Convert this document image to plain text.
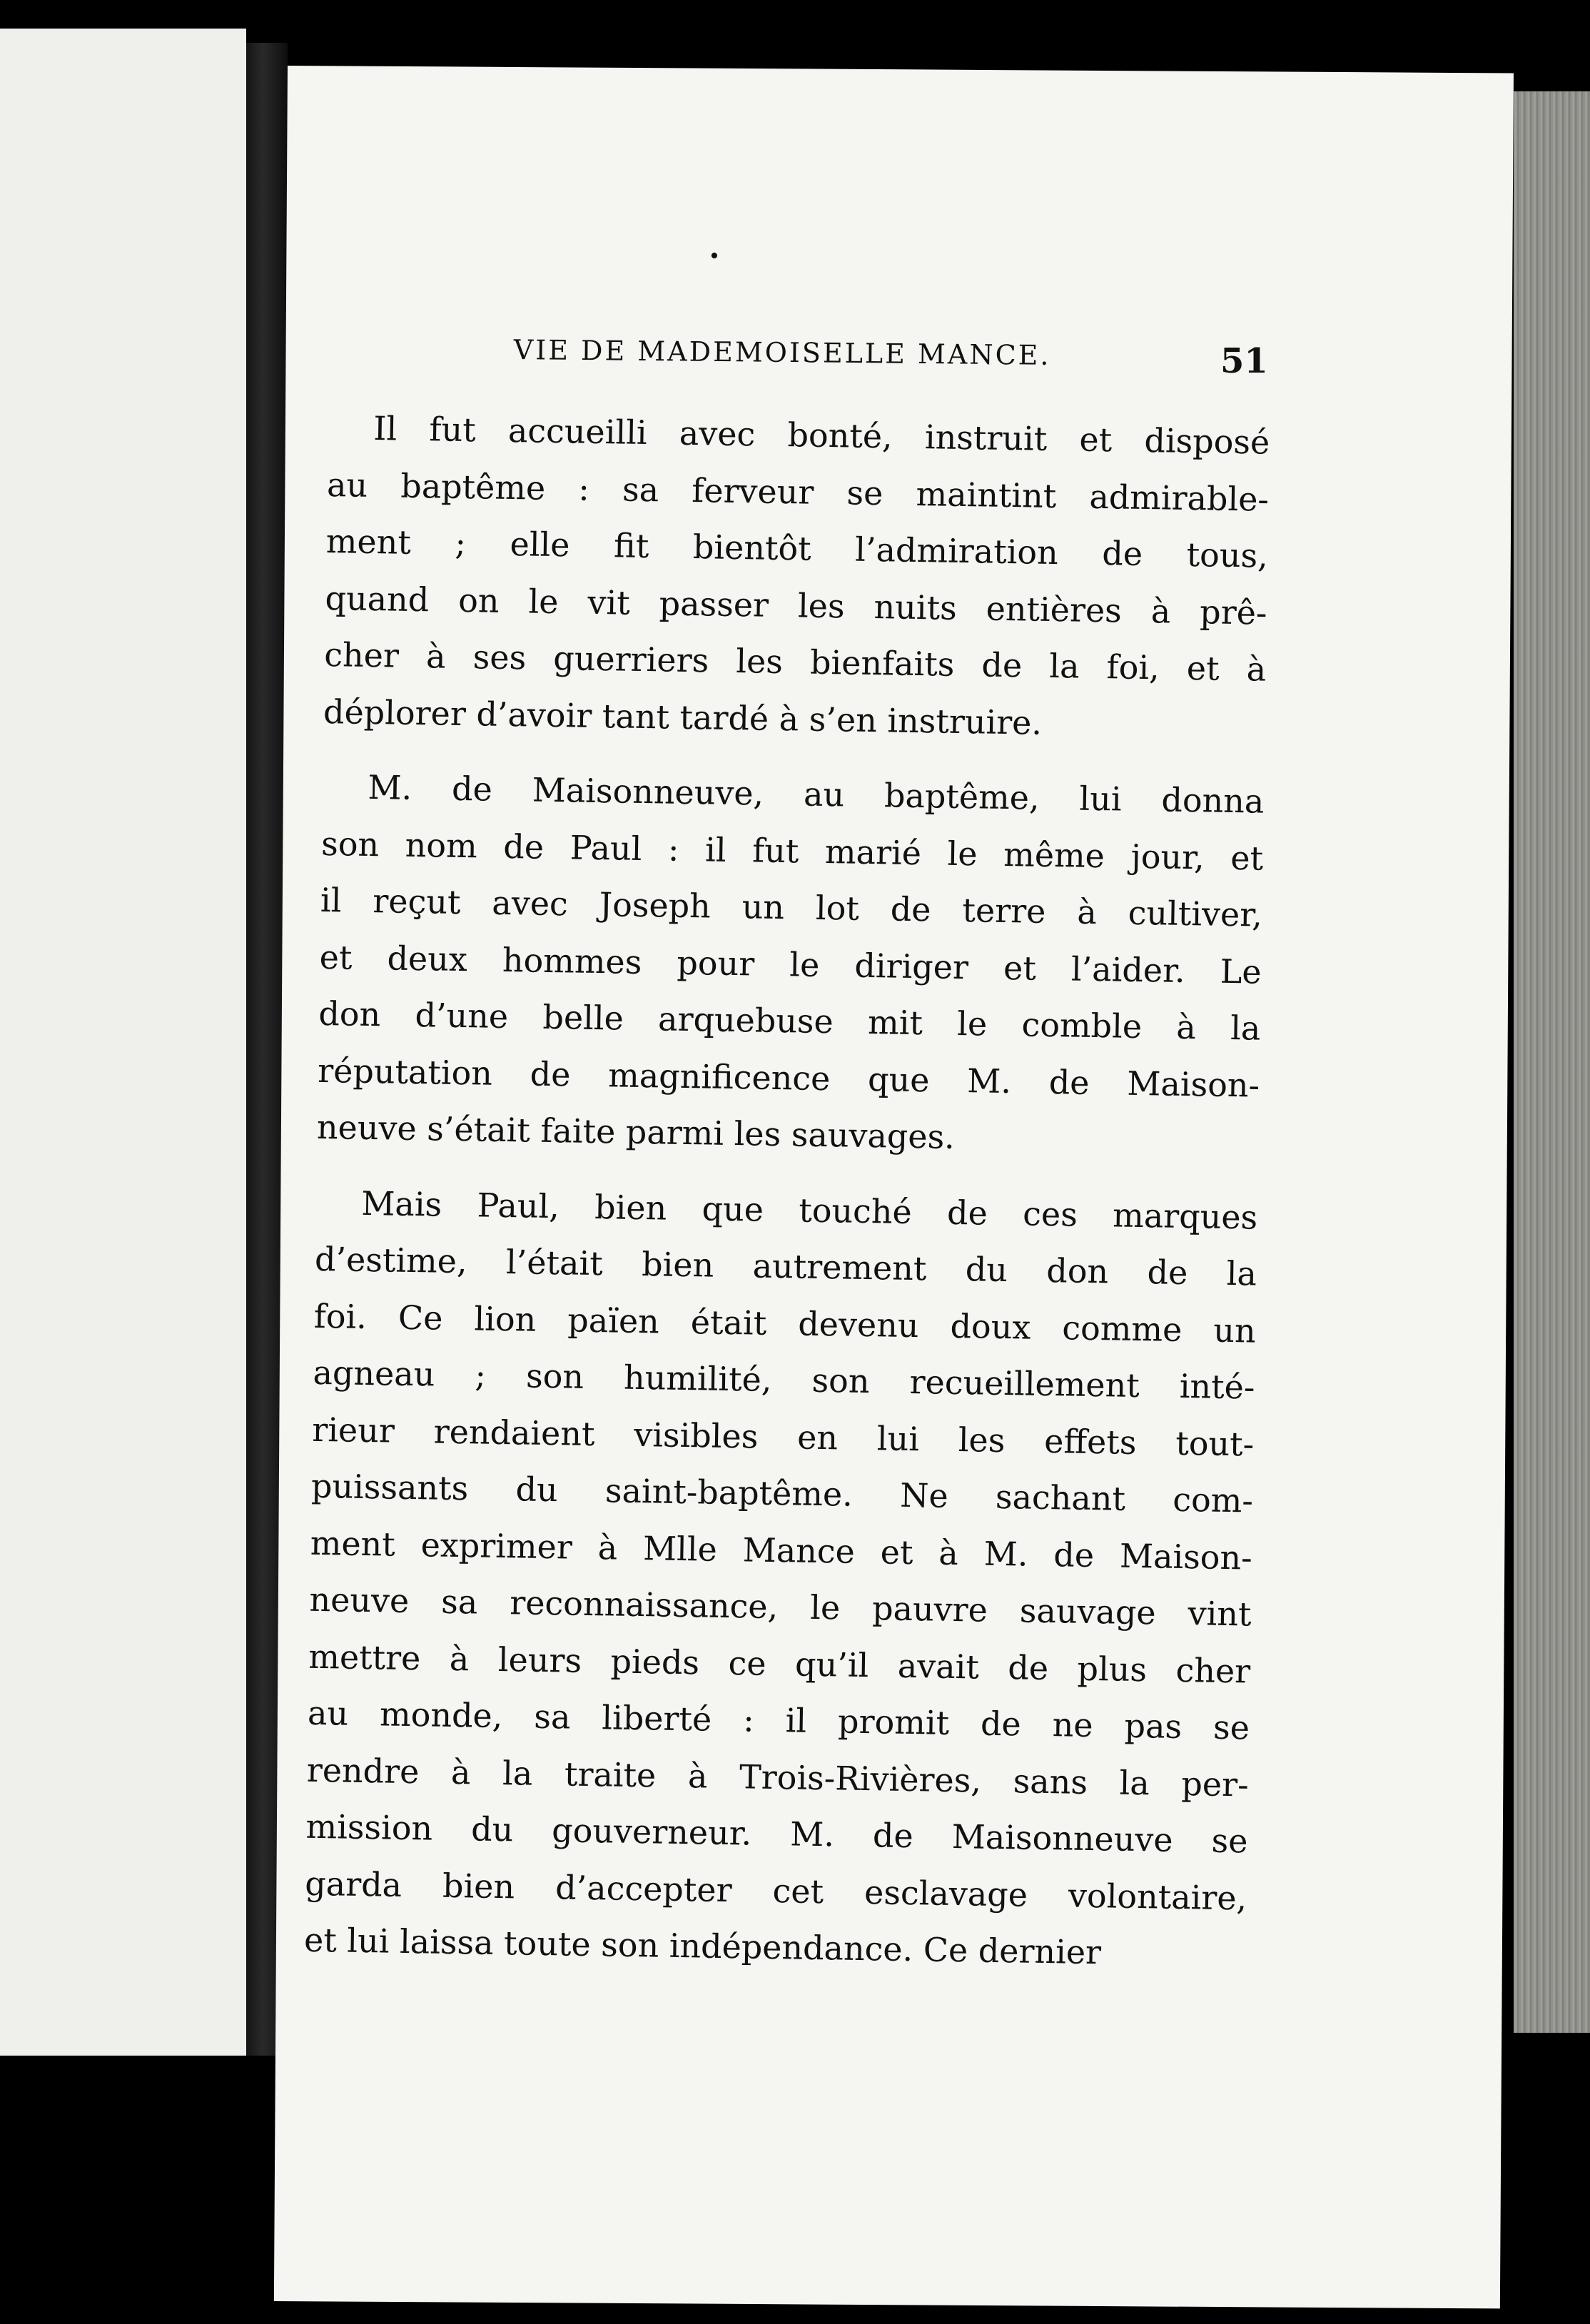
•
VIE DE MADEMOISELLE MANCE.	51

Il fut accueilli avec bonté, instruit et disposé
au baptême : sa ferveur se maintint admirable-
ment ; elle fit bientôt l’admiration de tous,
quand on le vit passer les nuits entières à prê-
cher à ses guerriers les bienfaits de la foi, et à
déplorer d’avoir tant tardé à s’en instruire.

M. de Maisonneuve, au baptême, lui donna
son nom de Paul : il fut marié le même jour, et
il reçut avec Joseph un lot de terre à cultiver,
et deux hommes pour le diriger et l’aider. Le
don d’une belle arquebuse mit le comble à la
réputation de magnificence que M. de Maison-
neuve s’était faite parmi les sauvages.

Mais Paul, bien que touché de ces marques
d’estime, l’était bien autrement du don de la
foi. Ce lion païen était devenu doux comme un
agneau ; son humilité, son recueillement inté-
rieur rendaient visibles en lui les effets tout-
puissants du saint-baptême. Ne sachant com-
ment exprimer à Mlle Mance et à M. de Maison-
neuve sa reconnaissance, le pauvre sauvage vint
mettre à leurs pieds ce qu’il avait de plus cher
au monde, sa liberté : il promit de ne pas se
rendre à la traite à Trois-Rivières, sans la per-
mission du gouverneur. M. de Maisonneuve se
garda bien d’accepter cet esclavage volontaire,
et lui laissa toute son indépendance. Ce dernier
